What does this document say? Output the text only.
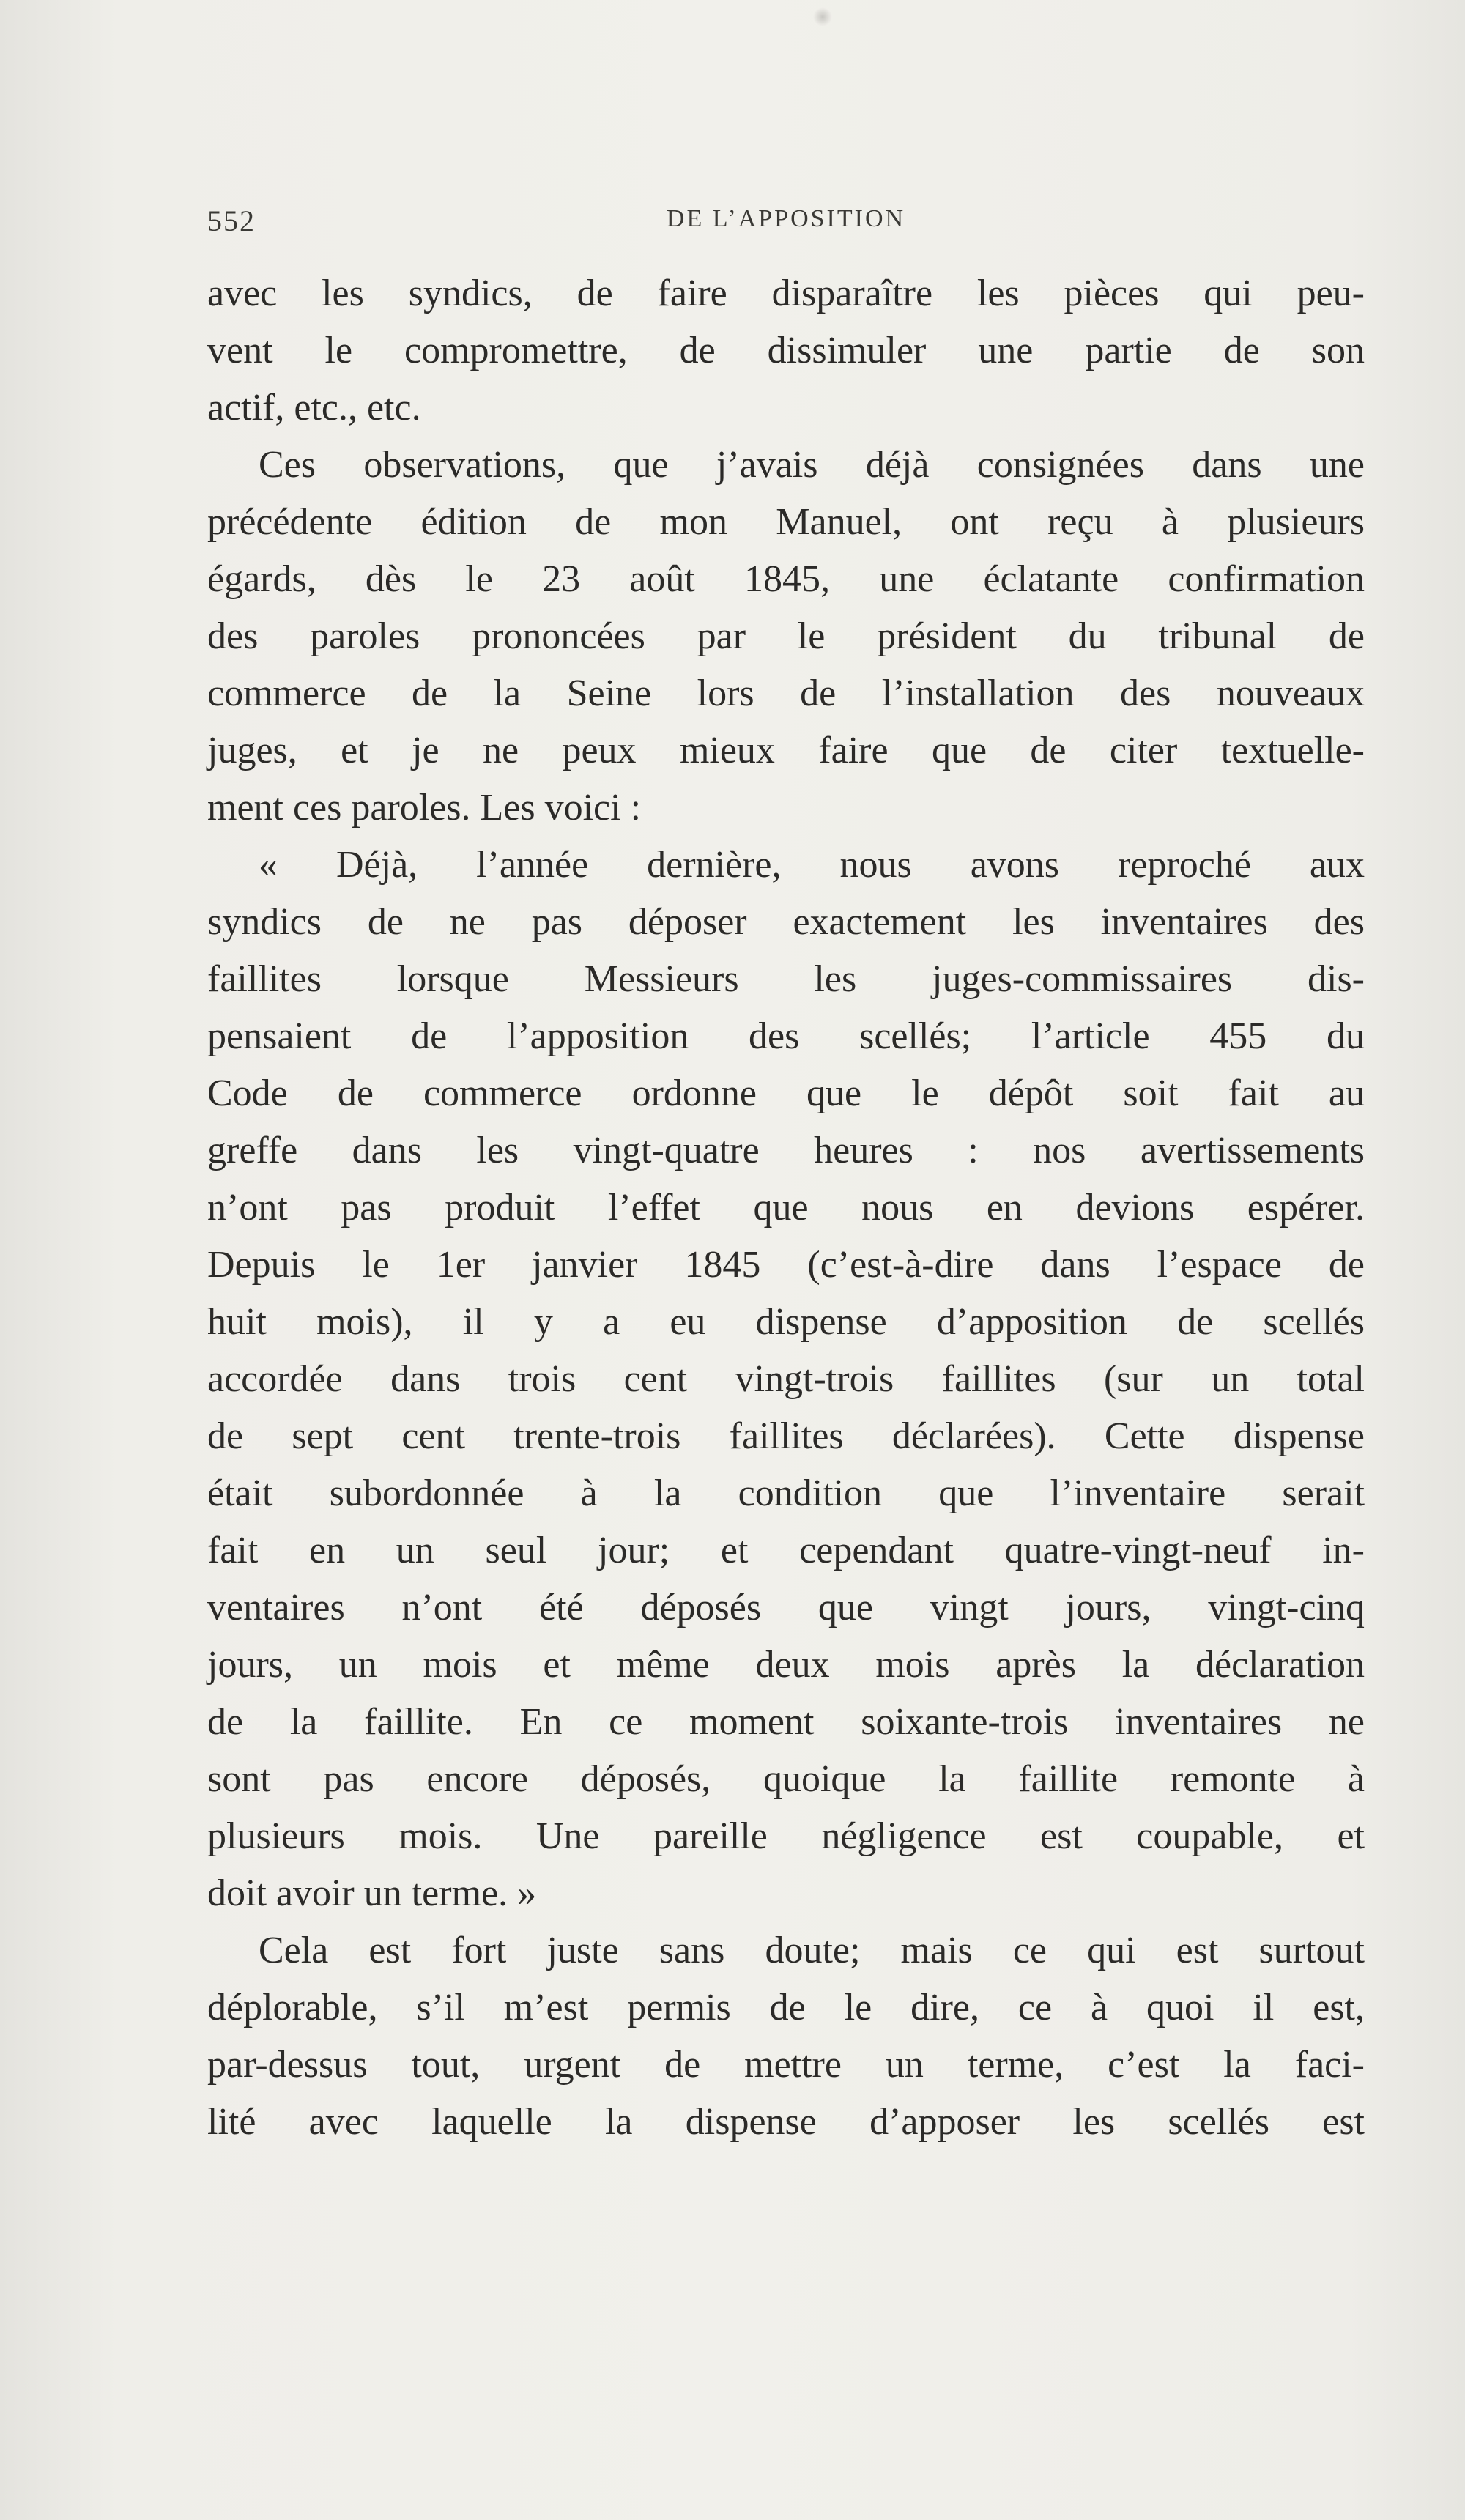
552	DE L’APPOSITION
avec les syndics, de faire disparaître les pièces qui peu-
vent le compromettre, de dissimuler une partie de son
actif, etc., etc.
Ces observations, que j’avais déjà consignées dans une
précédente édition de mon Manuel, ont reçu à plusieurs
égards, dès le 23 août 1845, une éclatante confirmation
des paroles prononcées par le président du tribunal de
commerce de la Seine lors de l’installation des nouveaux
juges, et je ne peux mieux faire que de citer textuelle-
ment ces paroles. Les voici :
« Déjà, l’année dernière, nous avons reproché aux
syndics de ne pas déposer exactement les inventaires des
faillites lorsque Messieurs les juges-commissaires dis-
pensaient de l’apposition des scellés; l’article 455 du
Code de commerce ordonne que le dépôt soit fait au
greffe dans les vingt-quatre heures : nos avertissements
n’ont pas produit l’effet que nous en devions espérer.
Depuis le 1er janvier 1845 (c’est-à-dire dans l’espace de
huit mois), il y a eu dispense d’apposition de scellés
accordée dans trois cent vingt-trois faillites (sur un total
de sept cent trente-trois faillites déclarées). Cette dispense
était subordonnée à la condition que l’inventaire serait
fait en un seul jour; et cependant quatre-vingt-neuf in-
ventaires n’ont été déposés que vingt jours, vingt-cinq
jours, un mois et même deux mois après la déclaration
de la faillite. En ce moment soixante-trois inventaires ne
sont pas encore déposés, quoique la faillite remonte à
plusieurs mois. Une pareille négligence est coupable, et
doit avoir un terme. »
Cela est fort juste sans doute; mais ce qui est surtout
déplorable, s’il m’est permis de le dire, ce à quoi il est,
par-dessus tout, urgent de mettre un terme, c’est la faci-
lité avec laquelle la dispense d’apposer les scellés est
